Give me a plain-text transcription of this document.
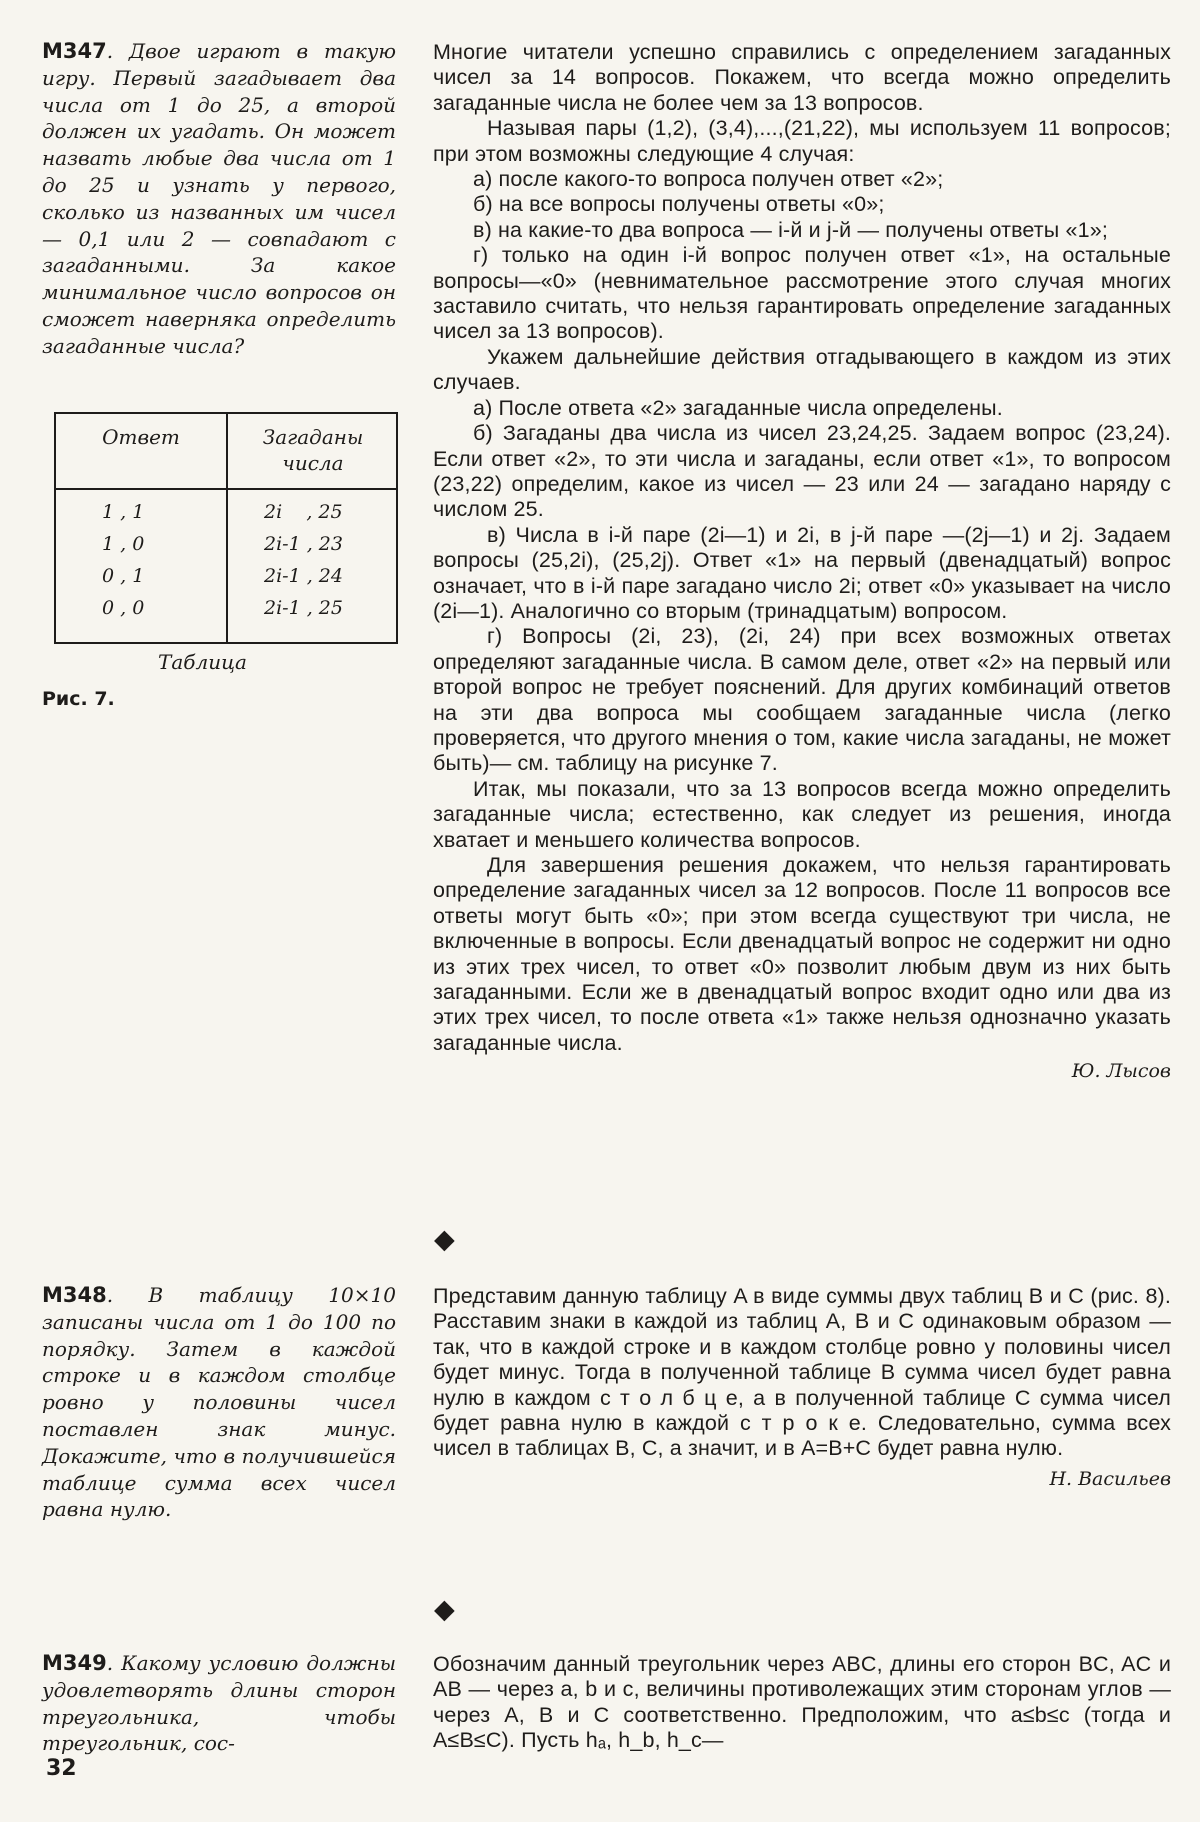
М347. Двое играют в такую игру. Первый загадывает два числа от 1 до 25, а второй должен их угадать. Он может назвать любые два числа от 1 до 25 и узнать у первого, сколько из названных им чисел — 0,1 или 2 — совпадают с загаданными. За какое минимальное число вопросов он сможет наверняка определить загаданные числа?

Ответ	Загаданы
числа
1 , 1	2i    , 25
1 , 0	2i-1 , 23
0 , 1	2i-1 , 24
0 , 0	2i-1 , 25
Таблица
Рис. 7.

Многие читатели успешно справились с определением загаданных чисел за 14 вопросов. Покажем, что всегда можно определить загаданные числа не более чем за 13 вопросов.

Называя пары (1,2), (3,4),...,(21,22), мы используем 11 вопросов; при этом возможны следующие 4 случая:

а) после какого-то вопроса получен ответ «2»;

б) на все вопросы получены ответы «0»;

в) на какие-то два вопроса — i-й и j-й — получены ответы «1»;

г) только на один i-й вопрос получен ответ «1», на остальные вопросы—«0» (невнимательное рассмотрение этого случая многих заставило считать, что нельзя гарантировать определение загаданных чисел за 13 вопросов).

Укажем дальнейшие действия отгадывающего в каждом из этих случаев.

а) После ответа «2» загаданные числа определены.

б) Загаданы два числа из чисел 23,24,25. Задаем вопрос (23,24). Если ответ «2», то эти числа и загаданы, если ответ «1», то вопросом (23,22) определим, какое из чисел — 23 или 24 — загадано наряду с числом 25.

в) Числа в i-й паре (2i—1) и 2i, в j-й паре —(2j—1) и 2j. Задаем вопросы (25,2i), (25,2j). Ответ «1» на первый (двенадцатый) вопрос означает, что в i-й паре загадано число 2i; ответ «0» указывает на число (2i—1). Аналогично со вторым (тринадцатым) вопросом.

г) Вопросы (2i, 23), (2i, 24) при всех возможных ответах определяют загаданные числа. В самом деле, ответ «2» на первый или второй вопрос не требует пояснений. Для других комбинаций ответов на эти два вопроса мы сообщаем загаданные числа (легко проверяется, что другого мнения о том, какие числа загаданы, не может быть)— см. таблицу на рисунке 7.

Итак, мы показали, что за 13 вопросов всегда можно определить загаданные числа; естественно, как следует из решения, иногда хватает и меньшего количества вопросов.

Для завершения решения докажем, что нельзя гарантировать определение загаданных чисел за 12 вопросов. После 11 вопросов все ответы могут быть «0»; при этом всегда существуют три числа, не включенные в вопросы. Если двенадцатый вопрос не содержит ни одно из этих трех чисел, то ответ «0» позволит любым двум из них быть загаданными. Если же в двенадцатый вопрос входит одно или два из этих трех чисел, то после ответа «1» также нельзя однозначно указать загаданные числа.

Ю. Лысов

◆

М348. В таблицу 10×10 записаны числа от 1 до 100 по порядку. Затем в каждой строке и в каждом столбце ровно у половины чисел поставлен знак минус. Докажите, что в получившейся таблице сумма всех чисел равна нулю.

Представим данную таблицу A в виде суммы двух таблиц B и C (рис. 8). Расставим знаки в каждой из таблиц A, B и C одинаковым образом — так, что в каждой строке и в каждом столбце ровно у половины чисел будет минус. Тогда в полученной таблице B сумма чисел будет равна нулю в каждом с т о л б ц е, а в полученной таблице C сумма чисел будет равна нулю в каждой с т р о к е. Следовательно, сумма всех чисел в таблицах B, C, а значит, и в A=B+C будет равна нулю.

Н. Васильев

◆

М349. Какому условию должны удовлетворять длины сторон треугольника, чтобы треугольник, сос-

Обозначим данный треугольник через ABC, длины его сторон BC, AC и AB — через a, b и c, величины противолежащих этим сторонам углов — через A, B и C соответственно. Предположим, что a≤b≤c (тогда и A≤B≤C). Пусть hₐ, h_b, h_c—

32
